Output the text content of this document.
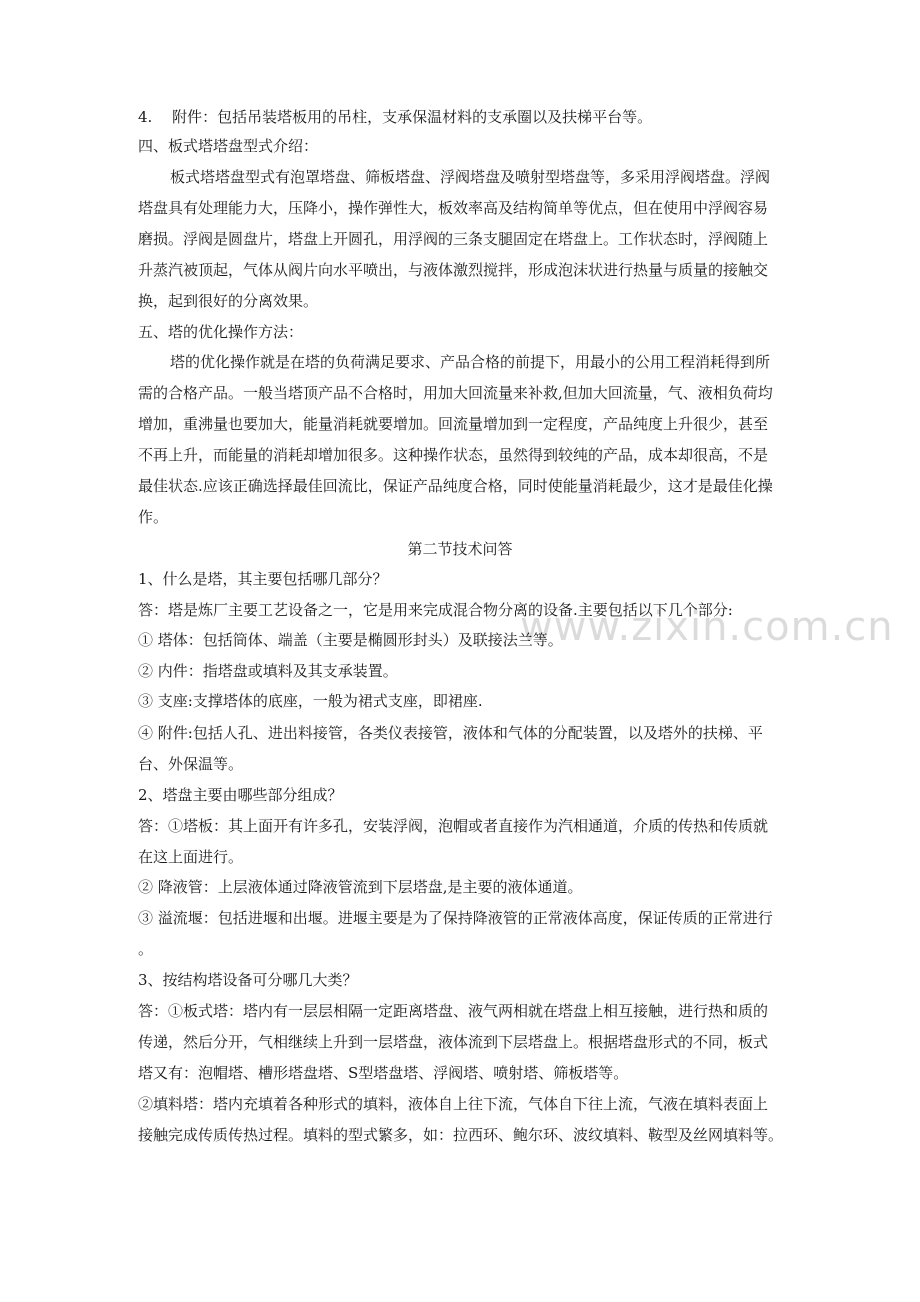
www.zixin.com.cn
4.　 附件：包括吊装塔板用的吊柱，支承保温材料的支承圈以及扶梯平台等。
四、板式塔塔盘型式介绍：
板式塔塔盘型式有泡罩塔盘、筛板塔盘、浮阀塔盘及喷射型塔盘等，多采用浮阀塔盘。浮阀
塔盘具有处理能力大，压降小，操作弹性大，板效率高及结构简单等优点，但在使用中浮阀容易
磨损。浮阀是圆盘片，塔盘上开圆孔，用浮阀的三条支腿固定在塔盘上。工作状态时，浮阀随上
升蒸汽被顶起，气体从阀片向水平喷出，与液体激烈搅拌，形成泡沫状进行热量与质量的接触交
换，起到很好的分离效果。
五、塔的优化操作方法：
塔的优化操作就是在塔的负荷满足要求、产品合格的前提下，用最小的公用工程消耗得到所
需的合格产品。一般当塔顶产品不合格时，用加大回流量来补救,但加大回流量，气、液相负荷均
增加，重沸量也要加大，能量消耗就要增加。回流量增加到一定程度，产品纯度上升很少，甚至
不再上升，而能量的消耗却增加很多。这种操作状态，虽然得到较纯的产品，成本却很高，不是
最佳状态.应该正确选择最佳回流比，保证产品纯度合格，同时使能量消耗最少，这才是最佳化操
作。
第二节技术问答
1、什么是塔，其主要包括哪几部分？
答：塔是炼厂主要工艺设备之一，它是用来完成混合物分离的设备.主要包括以下几个部分:
① 塔体：包括筒体、端盖（主要是椭圆形封头）及联接法兰等。
② 内件：指塔盘或填料及其支承装置。
③ 支座:支撑塔体的底座，一般为裙式支座，即裙座.
④ 附件:包括人孔、进出料接管，各类仪表接管，液体和气体的分配装置，以及塔外的扶梯、平
台、外保温等。
2、塔盘主要由哪些部分组成？
答：①塔板：其上面开有许多孔，安装浮阀，泡帽或者直接作为汽相通道，介质的传热和传质就
在这上面进行。
② 降液管：上层液体通过降液管流到下层塔盘,是主要的液体通道。
③ 溢流堰：包括进堰和出堰。进堰主要是为了保持降液管的正常液体高度，保证传质的正常进行
。
3、按结构塔设备可分哪几大类？
答：①板式塔：塔内有一层层相隔一定距离塔盘、液气两相就在塔盘上相互接触，进行热和质的
传递，然后分开，气相继续上升到一层塔盘，液体流到下层塔盘上。根据塔盘形式的不同，板式
塔又有：泡帽塔、槽形塔盘塔、S型塔盘塔、浮阀塔、喷射塔、筛板塔等。
②填料塔：塔内充填着各种形式的填料，液体自上往下流，气体自下往上流，气液在填料表面上
接触完成传质传热过程。填料的型式繁多，如：拉西环、鲍尔环、波纹填料、鞍型及丝网填料等。
